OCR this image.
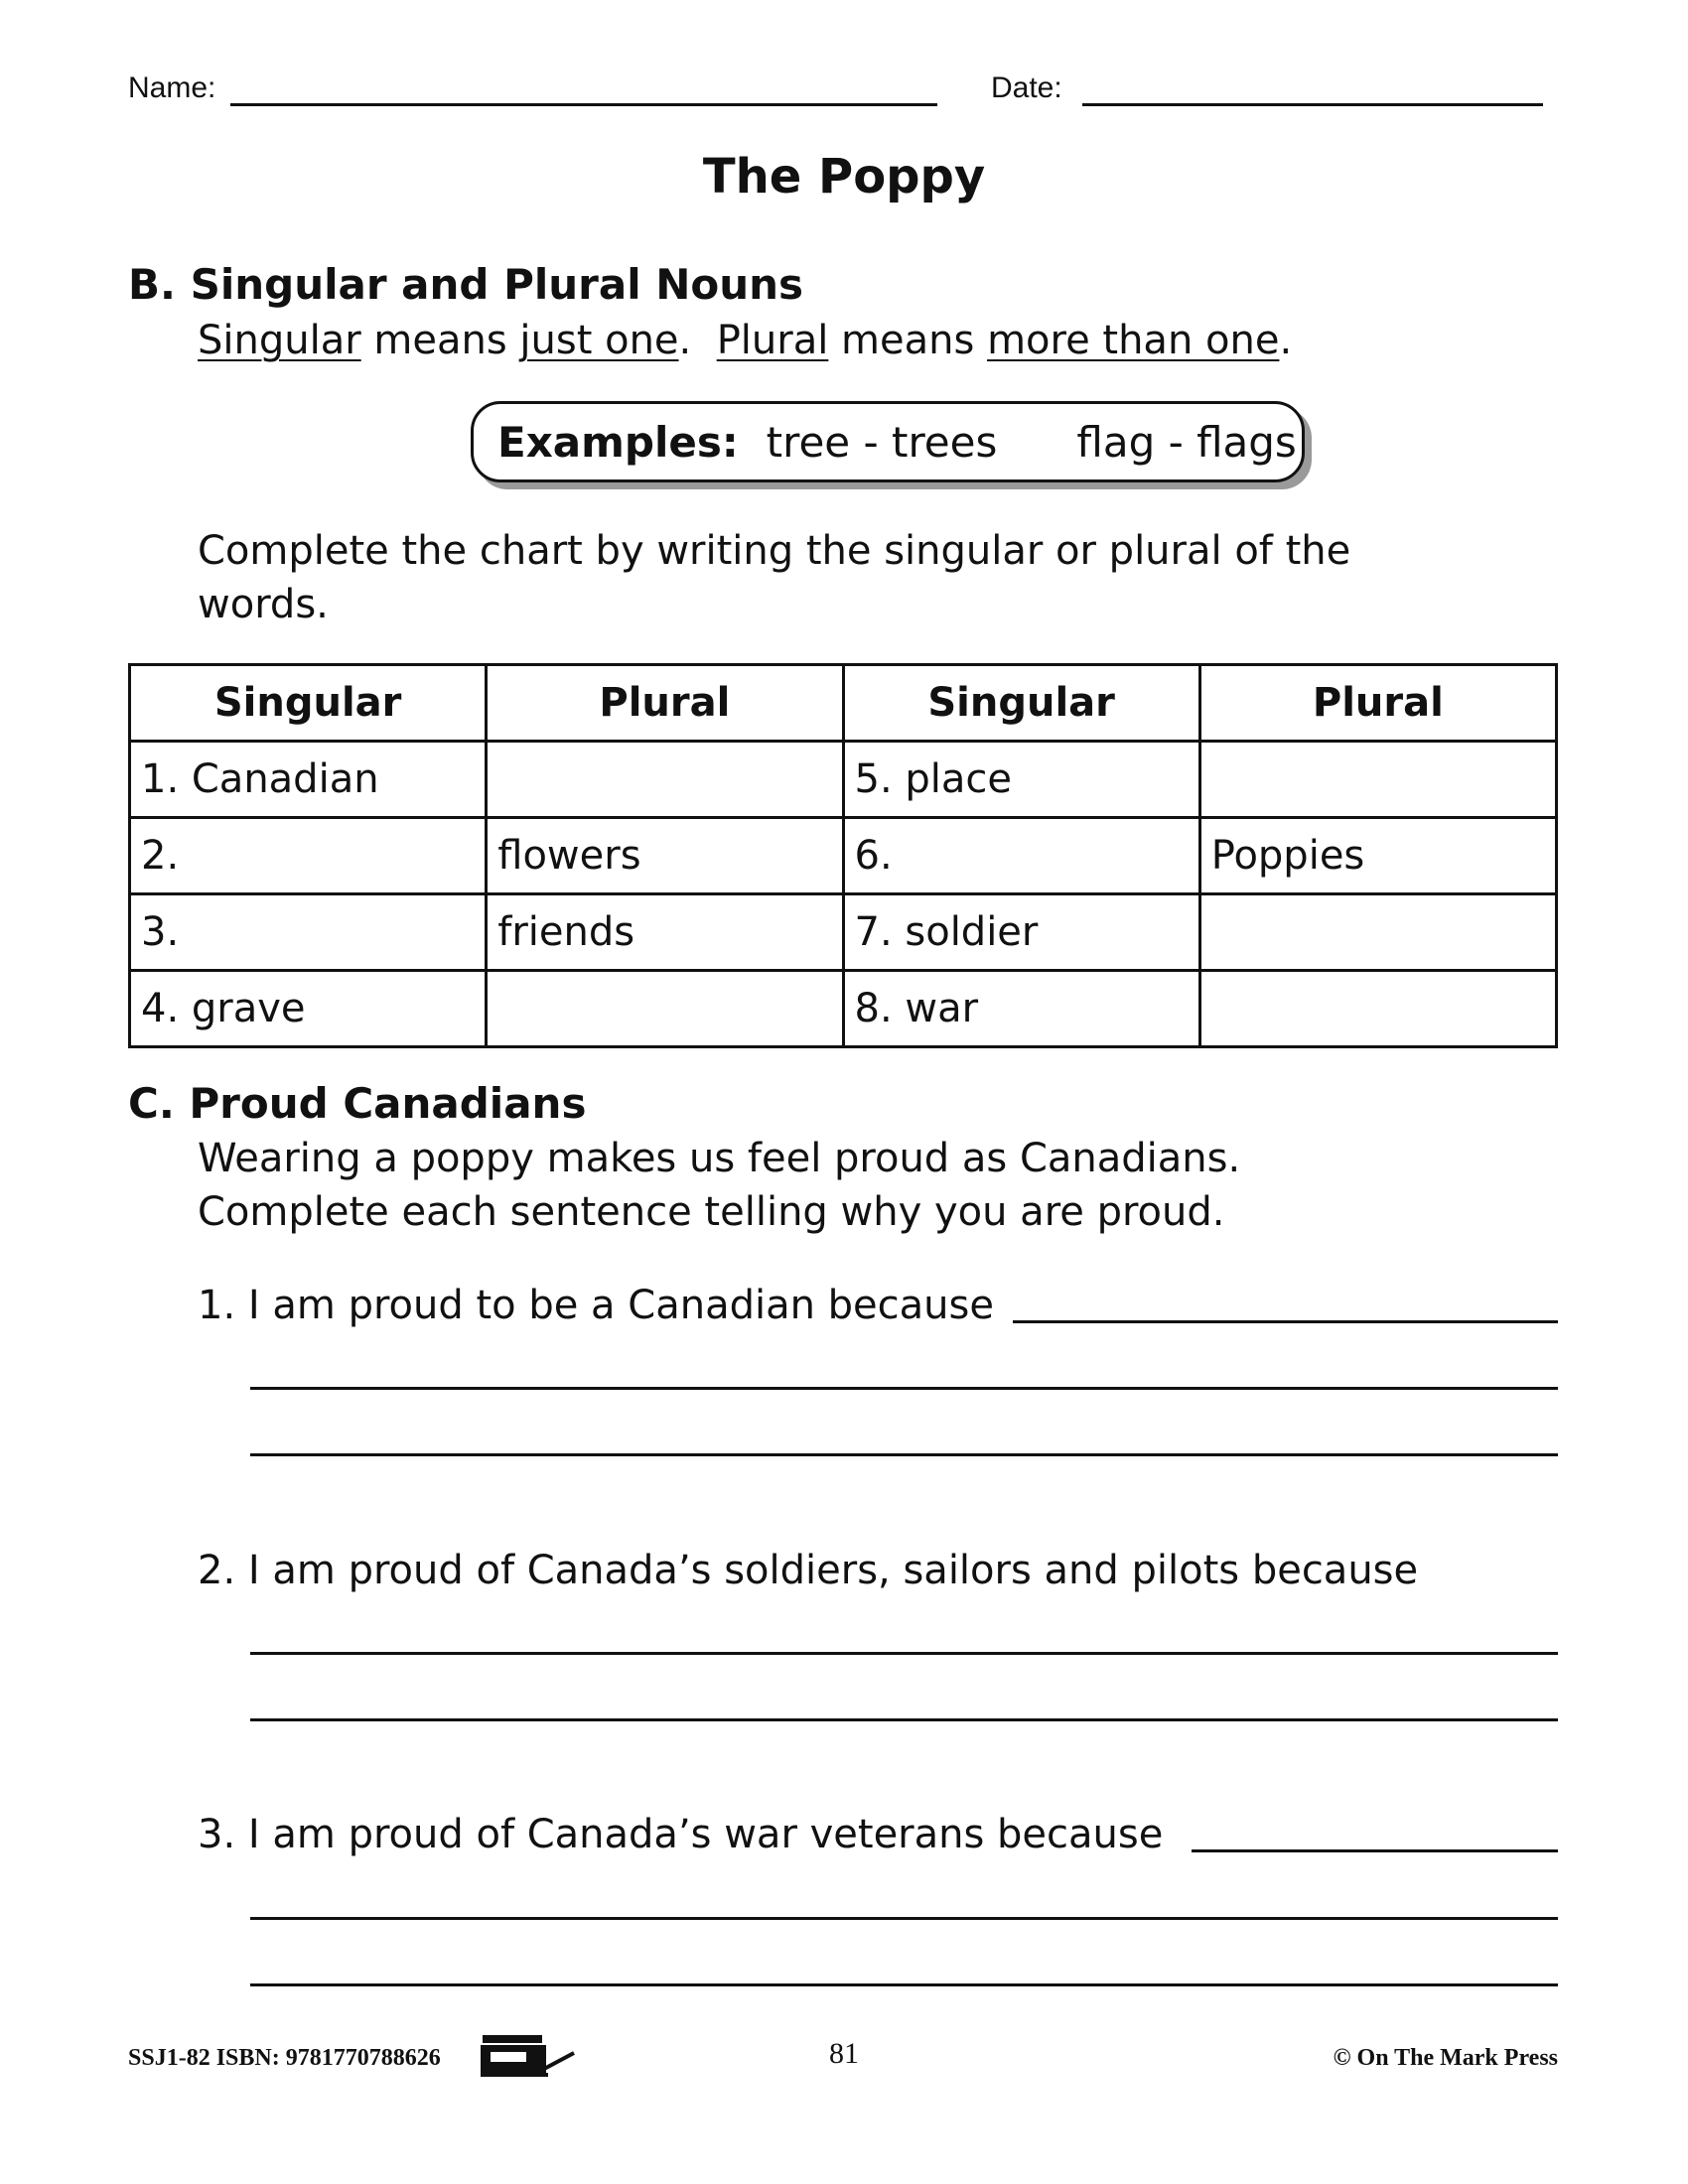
Name:	Date:
The Poppy
B. Singular and Plural Nouns
Singular means just one.  Plural means more than one.
Examples: tree - trees flag - flags
Complete the chart by writing the singular or plural of the words.
Singular	Plural	Singular	Plural
1. Canadian		5. place	
2.	flowers	6.	Poppies
3.	friends	7. soldier	
4. grave		8. war	
C. Proud Canadians
Wearing a poppy makes us feel proud as Canadians.
Complete each sentence telling why you are proud.
1. I am proud to be a Canadian because
2. I am proud of Canada’s soldiers, sailors and pilots because
3. I am proud of Canada’s war veterans because
SSJ1-82 ISBN: 9781770788626	81	© On The Mark Press
